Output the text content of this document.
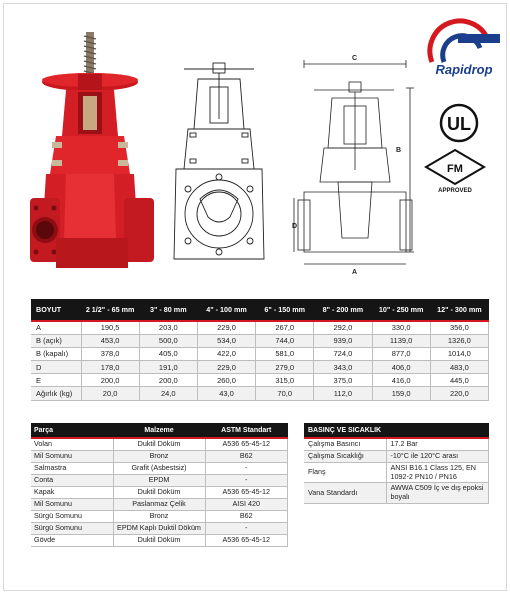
C
B
D
A
Rapidrop
UL
FM
APPROVED
BOYUT	2 1/2" - 65 mm	3" - 80 mm	4" - 100 mm	6" - 150 mm	8" - 200 mm	10" - 250 mm	12" - 300 mm
A	190,5	203,0	229,0	267,0	292,0	330,0	356,0
B (açık)	453,0	500,0	534,0	744,0	939,0	1139,0	1326,0
B (kapalı)	378,0	405,0	422,0	581,0	724,0	877,0	1014,0
D	178,0	191,0	229,0	279,0	343,0	406,0	483,0
E	200,0	200,0	260,0	315,0	375,0	416,0	445,0
Ağırlık (kg)	20,0	24,0	43,0	70,0	112,0	159,0	220,0
Parça	Malzeme	ASTM Standart
Volan	Duktil Döküm	A536 65-45-12
Mil Somunu	Bronz	B62
Salmastra	Grafit (Asbestsiz)	-
Conta	EPDM	-
Kapak	Duktil Döküm	A536 65-45-12
Mil Somunu	Paslanmaz Çelik	AISI 420
Sürgü Somunu	Bronz	B62
Sürgü Somunu	EPDM Kaplı Duktil Döküm	-
Gövde	Duktil Döküm	A536 65-45-12
BASINÇ VE SICAKLIK	
Çalışma Basıncı	17.2 Bar
Çalışma Sıcaklığı	-10°C ile 120°C arası
Flanş	ANSI B16.1 Class 125, EN 1092-2 PN10 / PN16
Vana Standardı	AWWA C509 İç ve dış epoksi boyalı
